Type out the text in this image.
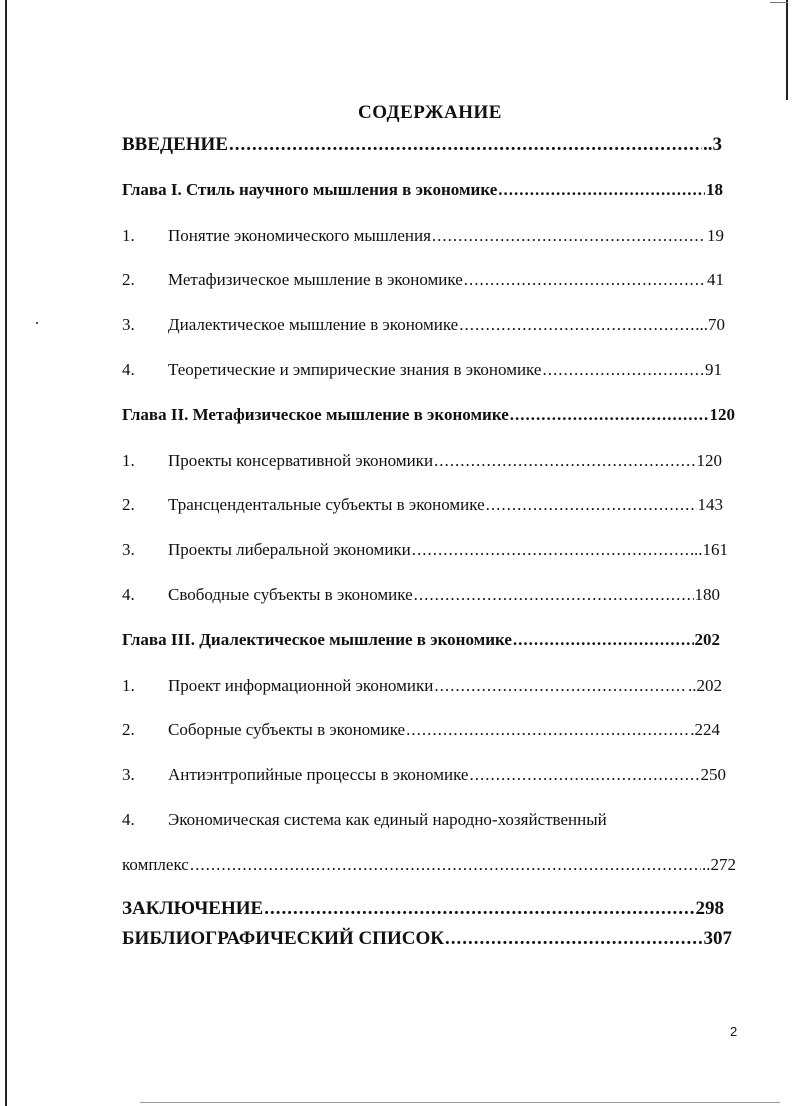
СОДЕРЖАНИЕ
ВВЕДЕНИЕ .....	..3
Глава I. Стиль научного мышления в экономике .....	18
1.	Понятие экономического мышления .....	19
2.	Метафизическое мышление в экономике .....	41
3.	Диалектическое мышление в экономике .....	...70
4.	Теоретические и эмпирические знания в экономике .....	91
Глава II. Метафизическое мышление в экономике .....	120
1.	Проекты консервативной экономики .....	120
2.	Трансцендентальные субъекты в экономике .....	143
3.	Проекты либеральной экономики .....	..161
4.	Свободные субъекты в экономике .....	180
Глава III. Диалектическое мышление в экономике .....	202
1.	Проект информационной экономики .....	..202
2.	Соборные субъекты в экономике .....	.224
3.	Антиэнтропийные процессы в экономике .....	250
4. Экономическая система как единый народно-хозяйственный
комплекс .....	..272
ЗАКЛЮЧЕНИЕ .....	298
БИБЛИОГРАФИЧЕСКИЙ СПИСОК .....	307
2
